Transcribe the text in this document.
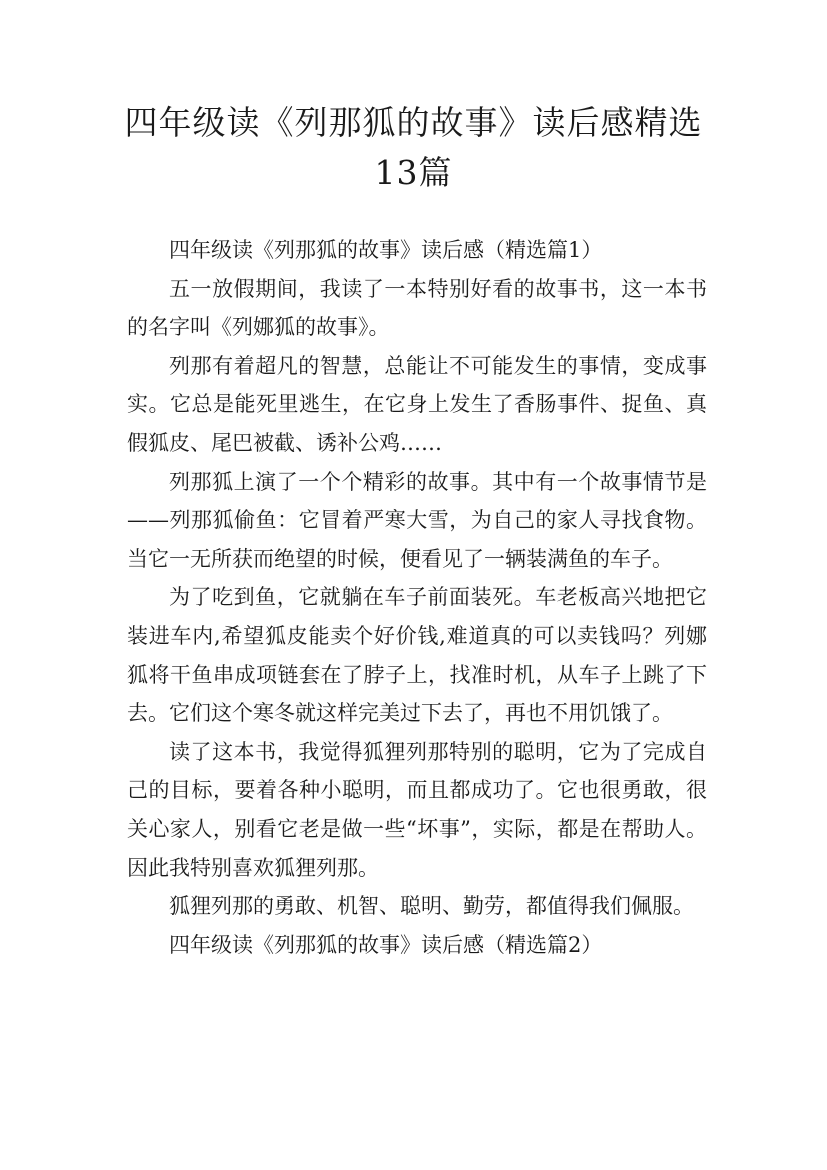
四年级读《列那狐的故事》读后感精选13篇

四年级读《列那狐的故事》读后感（精选篇1）

五一放假期间，我读了一本特别好看的故事书，这一本书的名字叫《列娜狐的故事》。

列那有着超凡的智慧，总能让不可能发生的事情，变成事实。它总是能死里逃生，在它身上发生了香肠事件、捉鱼、真假狐皮、尾巴被截、诱补公鸡……

列那狐上演了一个个精彩的故事。其中有一个故事情节是——列那狐偷鱼：它冒着严寒大雪，为自己的家人寻找食物。当它一无所获而绝望的时候，便看见了一辆装满鱼的车子。

为了吃到鱼，它就躺在车子前面装死。车老板高兴地把它装进车内,希望狐皮能卖个好价钱,难道真的可以卖钱吗？列娜狐将干鱼串成项链套在了脖子上，找准时机，从车子上跳了下去。它们这个寒冬就这样完美过下去了，再也不用饥饿了。

读了这本书，我觉得狐狸列那特别的聪明，它为了完成自己的目标，要着各种小聪明，而且都成功了。它也很勇敢，很关心家人，别看它老是做一些“坏事”，实际，都是在帮助人。因此我特别喜欢狐狸列那。

狐狸列那的勇敢、机智、聪明、勤劳，都值得我们佩服。

四年级读《列那狐的故事》读后感（精选篇2）
